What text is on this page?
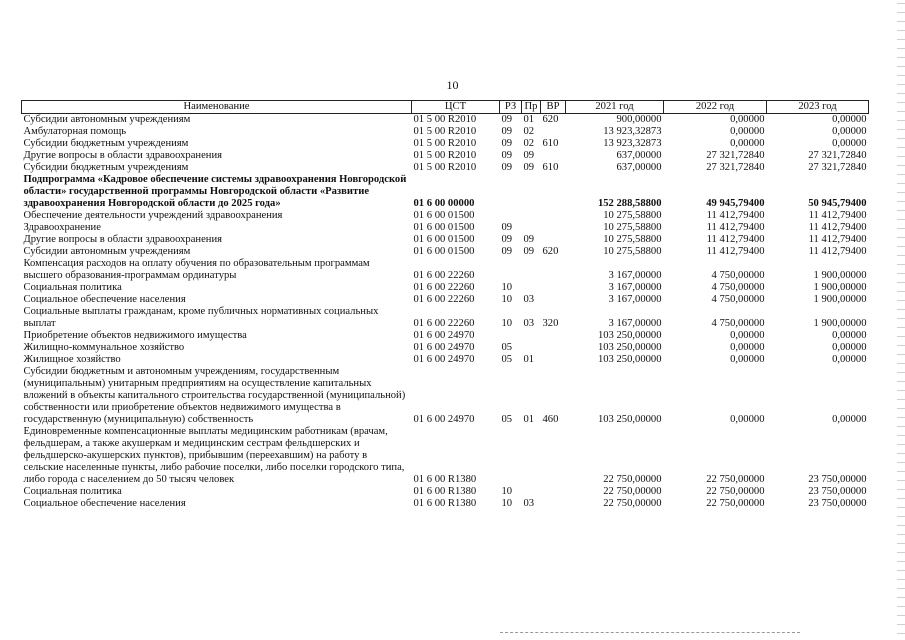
10
Наименование	ЦСТ	РЗ	Пр	ВР	2021 год	2022 год	2023 год
Субсидии автономным учреждениям	01 5 00 R2010	09	01	620	900,00000	0,00000	0,00000
Амбулаторная помощь	01 5 00 R2010	09	02		13 923,32873	0,00000	0,00000
Субсидии бюджетным учреждениям	01 5 00 R2010	09	02	610	13 923,32873	0,00000	0,00000
Другие вопросы в области здравоохранения	01 5 00 R2010	09	09		637,00000	27 321,72840	27 321,72840
Субсидии бюджетным учреждениям	01 5 00 R2010	09	09	610	637,00000	27 321,72840	27 321,72840
Подпрограмма «Кадровое обеспечение системы здравоохранения Новгородской области» государственной программы Новгородской области «Развитие здравоохранения Новгородской области до 2025 года»	01 6 00 00000				152 288,58800	49 945,79400	50 945,79400
Обеспечение деятельности учреждений здравоохранения	01 6 00 01500				10 275,58800	11 412,79400	11 412,79400
Здравоохранение	01 6 00 01500	09			10 275,58800	11 412,79400	11 412,79400
Другие вопросы в области здравоохранения	01 6 00 01500	09	09		10 275,58800	11 412,79400	11 412,79400
Субсидии автономным учреждениям	01 6 00 01500	09	09	620	10 275,58800	11 412,79400	11 412,79400
Компенсация расходов на оплату обучения по образовательным программам высшего образования-программам ординатуры	01 6 00 22260				3 167,00000	4 750,00000	1 900,00000
Социальная политика	01 6 00 22260	10			3 167,00000	4 750,00000	1 900,00000
Социальное обеспечение населения	01 6 00 22260	10	03		3 167,00000	4 750,00000	1 900,00000
Социальные выплаты гражданам, кроме публичных нормативных социальных выплат	01 6 00 22260	10	03	320	3 167,00000	4 750,00000	1 900,00000
Приобретение объектов недвижимого имущества	01 6 00 24970				103 250,00000	0,00000	0,00000
Жилищно-коммунальное хозяйство	01 6 00 24970	05			103 250,00000	0,00000	0,00000
Жилищное хозяйство	01 6 00 24970	05	01		103 250,00000	0,00000	0,00000
Субсидии бюджетным и автономным учреждениям, государственным (муниципальным) унитарным предприятиям на осуществление капитальных вложений в объекты капитального строительства государственной (муниципальной) собственности или приобретение объектов недвижимого имущества в государственную (муниципальную) собственность	01 6 00 24970	05	01	460	103 250,00000	0,00000	0,00000
Единовременные компенсационные выплаты медицинским работникам (врачам, фельдшерам, а также акушеркам и медицинским сестрам фельдшерских и фельдшерско-акушерских пунктов), прибывшим (переехавшим) на работу в сельские населенные пункты, либо рабочие поселки, либо поселки городского типа, либо города с населением до 50 тысяч человек	01 6 00 R1380				22 750,00000	22 750,00000	23 750,00000
Социальная политика	01 6 00 R1380	10			22 750,00000	22 750,00000	23 750,00000
Социальное обеспечение населения	01 6 00 R1380	10	03		22 750,00000	22 750,00000	23 750,00000
